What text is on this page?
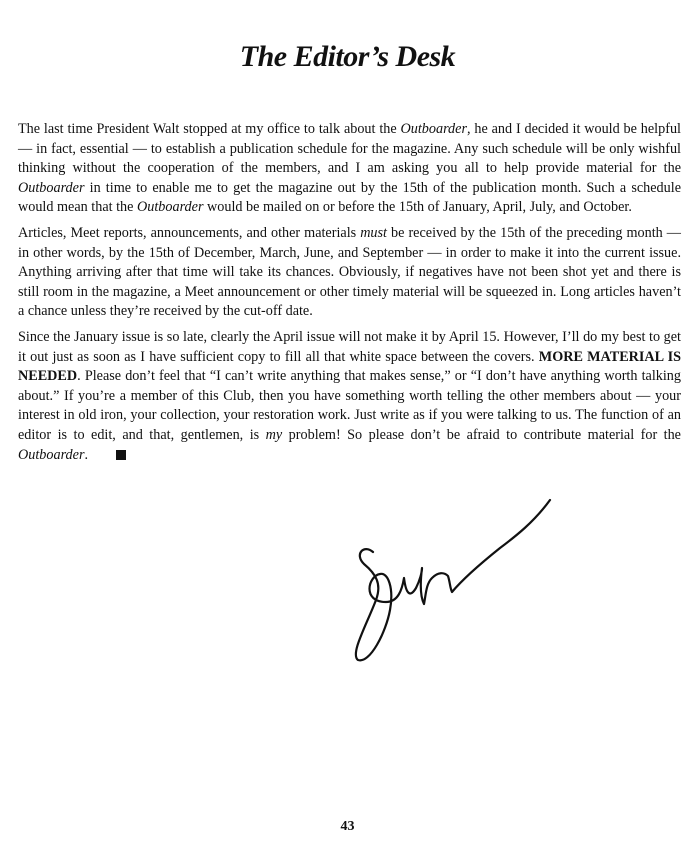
The Editor’s Desk

The last time President Walt stopped at my office to talk about the Outboarder, he and I decided it would be helpful — in fact, essential — to establish a publication schedule for the magazine. Any such schedule will be only wishful thinking without the cooperation of the members, and I am asking you all to help provide material for the Outboarder in time to enable me to get the magazine out by the 15th of the publication month. Such a schedule would mean that the Outboarder would be mailed on or before the 15th of January, April, July, and October.

Articles, Meet reports, announcements, and other materials must be received by the 15th of the preceding month — in other words, by the 15th of December, March, June, and September — in order to make it into the current issue. Anything arriving after that time will take its chances. Obviously, if negatives have not been shot yet and there is still room in the magazine, a Meet announcement or other timely material will be squeezed in. Long articles haven’t a chance unless they’re received by the cut-off date.

Since the January issue is so late, clearly the April issue will not make it by April 15. However, I’ll do my best to get it out just as soon as I have sufficient copy to fill all that white space between the covers. MORE MATERIAL IS NEEDED. Please don’t feel that “I can’t write anything that makes sense,” or “I don’t have anything worth talking about.” If you’re a member of this Club, then you have something worth telling the other members about — your interest in old iron, your collection, your restoration work. Just write as if you were talking to us. The function of an editor is to edit, and that, gentlemen, is my problem! So please don’t be afraid to contribute material for the Outboarder.

43
